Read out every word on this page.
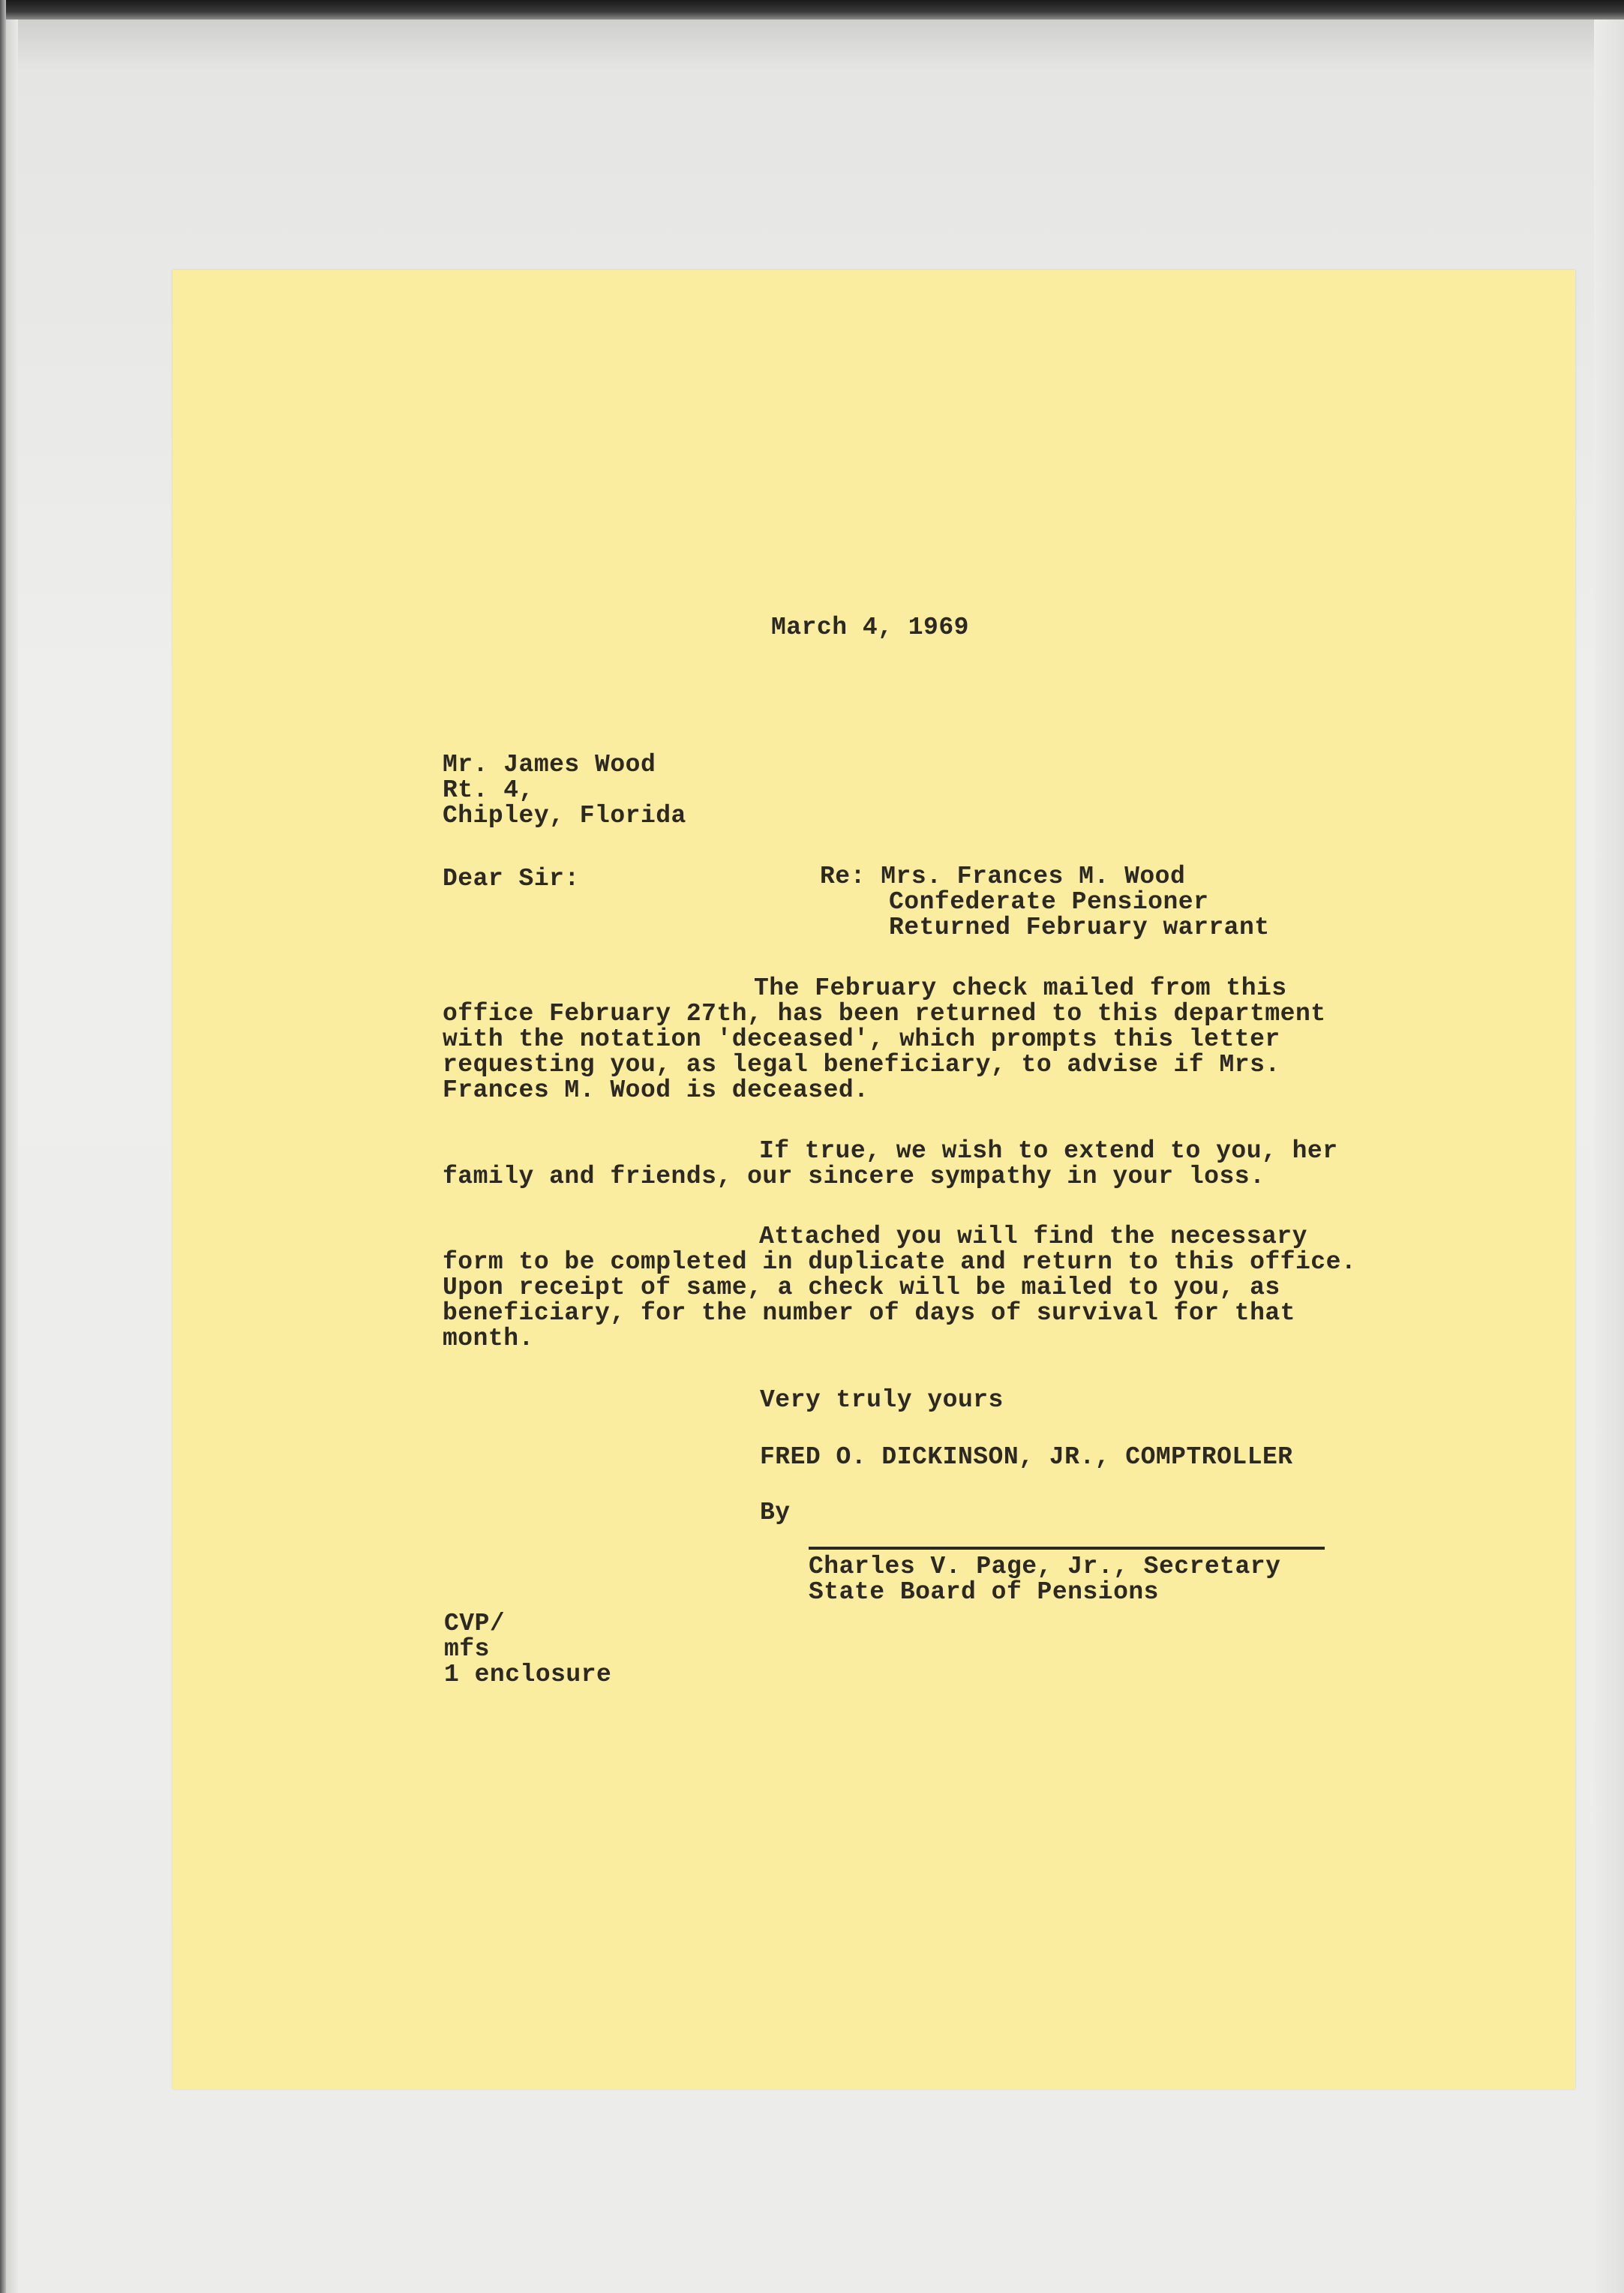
March 4, 1969

Mr. James Wood

Rt. 4,

Chipley, Florida

Dear Sir:	Re: Mrs. Frances M. Wood

Confederate Pensioner

Returned February warrant

The February check mailed from this

office February 27th, has been returned to this department

with the notation 'deceased', which prompts this letter

requesting you, as legal beneficiary, to advise if Mrs.

Frances M. Wood is deceased.

If true, we wish to extend to you, her

family and friends, our sincere sympathy in your loss.

Attached you will find the necessary

form to be completed in duplicate and return to this office.

Upon receipt of same, a check will be mailed to you, as

beneficiary, for the number of days of survival for that

month.

Very truly yours

FRED O. DICKINSON, JR., COMPTROLLER

By

Charles V. Page, Jr., Secretary

State Board of Pensions

CVP/

mfs

1 enclosure
